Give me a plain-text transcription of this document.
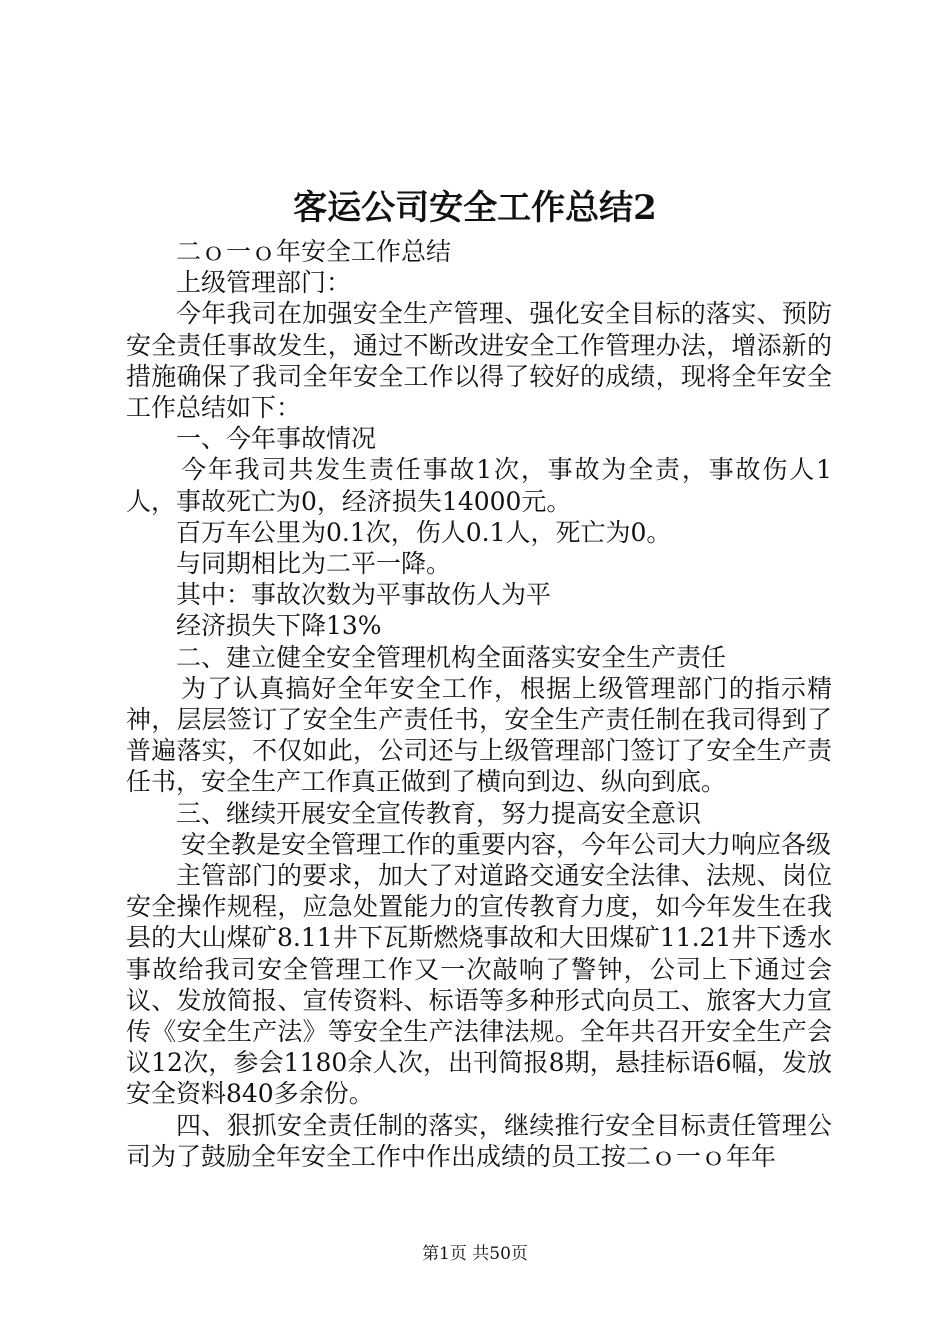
客运公司安全工作总结2

二ｏ一ｏ年安全工作总结

上级管理部门：

今年我司在加强安全生产管理、强化安全目标的落实、预防安全责任事故发生，通过不断改进安全工作管理办法，增添新的措施确保了我司全年安全工作以得了较好的成绩，现将全年安全工作总结如下：

一、今年事故情况

今年我司共发生责任事故1次，事故为全责，事故伤人1人，事故死亡为0，经济损失14000元。

百万车公里为0.1次，伤人0.1人，死亡为0。

与同期相比为二平一降。

其中：事故次数为平事故伤人为平

经济损失下降13%

二、建立健全安全管理机构全面落实安全生产责任

为了认真搞好全年安全工作，根据上级管理部门的指示精神，层层签订了安全生产责任书，安全生产责任制在我司得到了普遍落实，不仅如此，公司还与上级管理部门签订了安全生产责任书，安全生产工作真正做到了横向到边、纵向到底。

三、继续开展安全宣传教育，努力提高安全意识

安全教是安全管理工作的重要内容，今年公司大力响应各级

主管部门的要求，加大了对道路交通安全法律、法规、岗位安全操作规程，应急处置能力的宣传教育力度，如今年发生在我县的大山煤矿8.11井下瓦斯燃烧事故和大田煤矿11.21井下透水事故给我司安全管理工作又一次敲响了警钟，公司上下通过会议、发放简报、宣传资料、标语等多种形式向员工、旅客大力宣传《安全生产法》等安全生产法律法规。全年共召开安全生产会议12次，参会1180余人次，出刊简报8期，悬挂标语6幅，发放安全资料840多余份。

四、狠抓安全责任制的落实，继续推行安全目标责任管理公司为了鼓励全年安全工作中作出成绩的员工按二ｏ一ｏ年年

第1页 共50页
